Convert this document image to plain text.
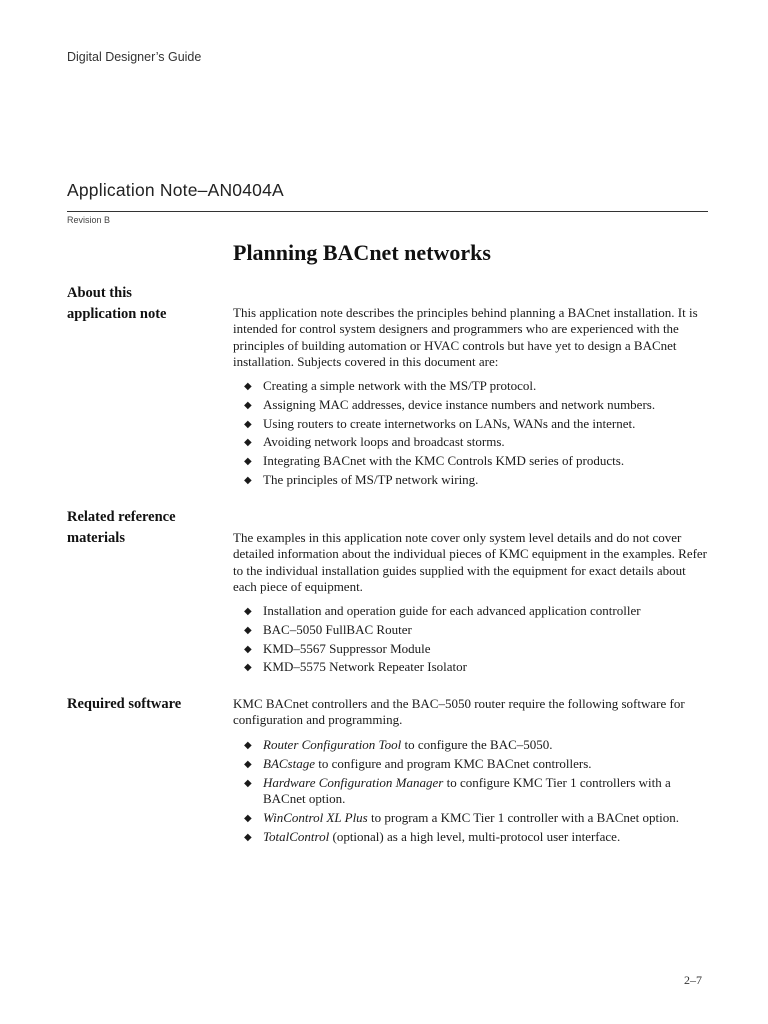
Digital Designer’s Guide
Application Note–AN0404A
Revision B
Planning BACnet networks
About this
application note	This application note describes the principles behind planning a BACnet installation. It is intended for control system designers and programmers who are experienced with the principles of building automation or HVAC controls but have yet to design a BACnet installation. Subjects covered in this document are:
◆ Creating a simple network with the MS/TP protocol.
◆ Assigning MAC addresses, device instance numbers and network numbers.
◆ Using routers to create internetworks on LANs, WANs and the internet.
◆ Avoiding network loops and broadcast storms.
◆ Integrating BACnet with the KMC Controls KMD series of products.
◆ The principles of MS/TP network wiring.
Related reference
materials	The examples in this application note cover only system level details and do not cover detailed information about the individual pieces of KMC equipment in the examples. Refer to the individual installation guides supplied with the equipment for exact details about each piece of equipment.
◆ Installation and operation guide for each advanced application controller
◆ BAC–5050 FullBAC Router
◆ KMD–5567 Suppressor Module
◆ KMD–5575 Network Repeater Isolator
Required software	KMC BACnet controllers and the BAC–5050 router require the following software for configuration and programming.
◆ Router Configuration Tool to configure the BAC–5050.
◆ BACstage to configure and program KMC BACnet controllers.
◆ Hardware Configuration Manager to configure KMC Tier 1 controllers with a BACnet option.
◆ WinControl XL Plus to program a KMC Tier 1 controller with a BACnet option.
◆ TotalControl (optional) as a high level, multi-protocol user interface.
2–7
